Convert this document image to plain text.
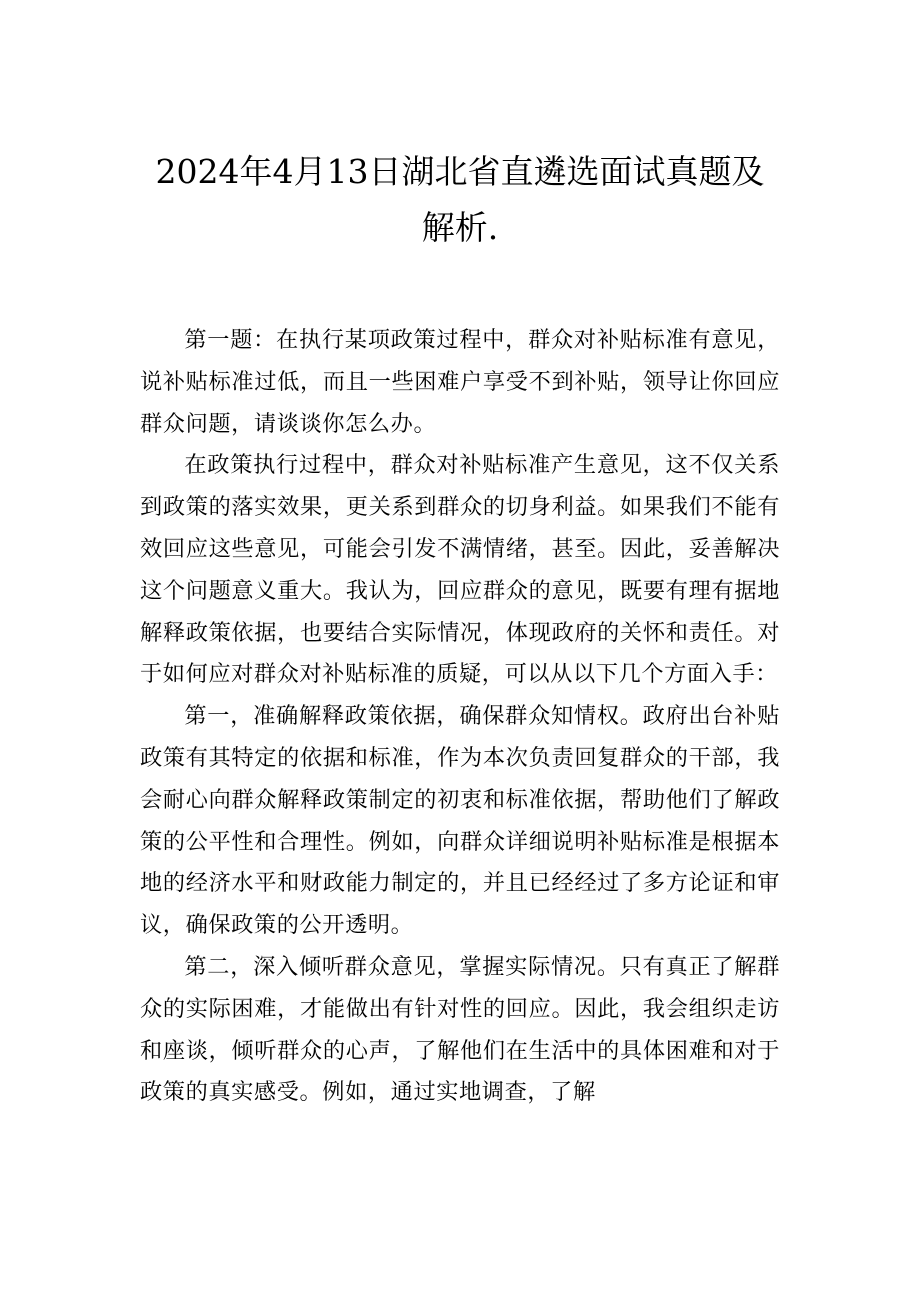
2024年4月13日湖北省直遴选面试真题及
解析.

第一题：在执行某项政策过程中，群众对补贴标准有意见，说补贴标准过低，而且一些困难户享受不到补贴，领导让你回应群众问题，请谈谈你怎么办。

在政策执行过程中，群众对补贴标准产生意见，这不仅关系到政策的落实效果，更关系到群众的切身利益。如果我们不能有效回应这些意见，可能会引发不满情绪，甚至。因此，妥善解决这个问题意义重大。我认为，回应群众的意见，既要有理有据地解释政策依据，也要结合实际情况，体现政府的关怀和责任。对于如何应对群众对补贴标准的质疑，可以从以下几个方面入手：

第一，准确解释政策依据，确保群众知情权。政府出台补贴政策有其特定的依据和标准，作为本次负责回复群众的干部，我会耐心向群众解释政策制定的初衷和标准依据，帮助他们了解政策的公平性和合理性。例如，向群众详细说明补贴标准是根据本地的经济水平和财政能力制定的，并且已经经过了多方论证和审议，确保政策的公开透明。

第二，深入倾听群众意见，掌握实际情况。只有真正了解群众的实际困难，才能做出有针对性的回应。因此，我会组织走访和座谈，倾听群众的心声，了解他们在生活中的具体困难和对于政策的真实感受。例如，通过实地调查，了解
